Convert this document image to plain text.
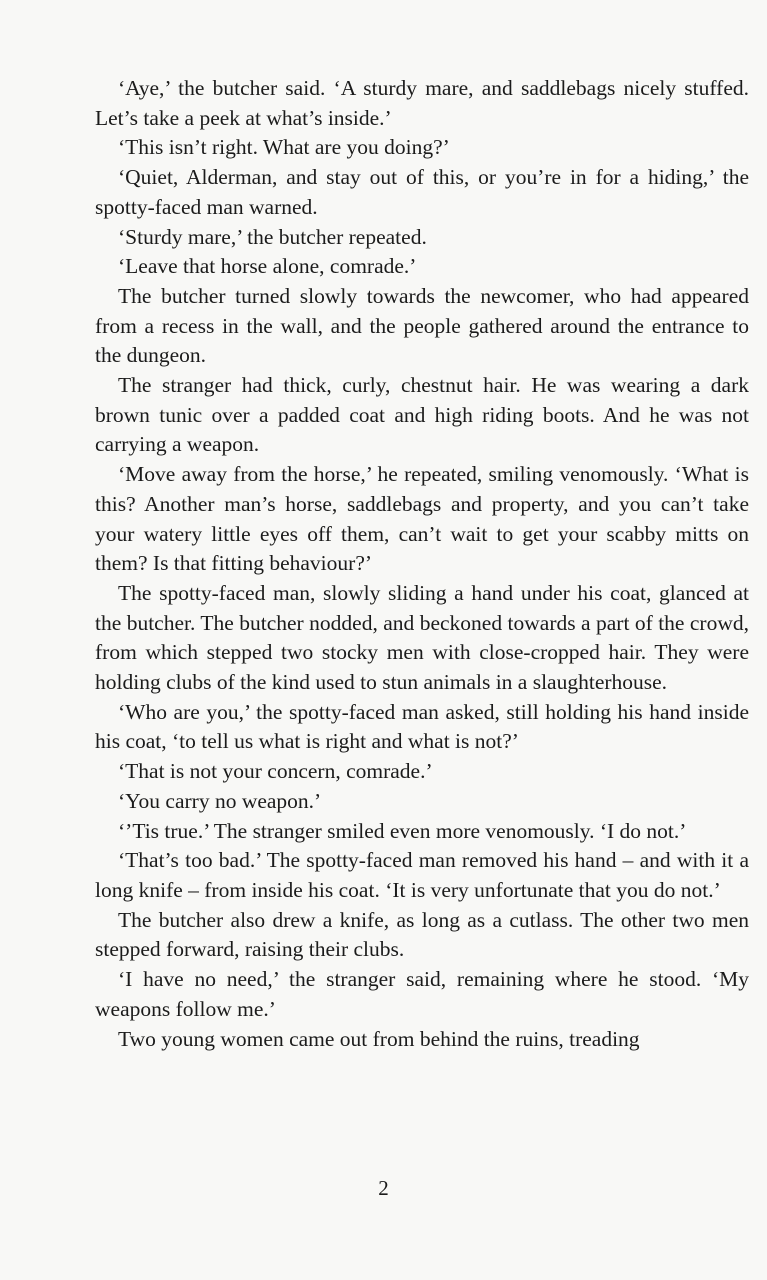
‘Aye,’ the butcher said. ‘A sturdy mare, and saddlebags nicely stuffed. Let’s take a peek at what’s inside.’

‘This isn’t right. What are you doing?’

‘Quiet, Alderman, and stay out of this, or you’re in for a hiding,’ the spotty-faced man warned.

‘Sturdy mare,’ the butcher repeated.

‘Leave that horse alone, comrade.’

The butcher turned slowly towards the newcomer, who had appeared from a recess in the wall, and the people gathered around the entrance to the dungeon.

The stranger had thick, curly, chestnut hair. He was wearing a dark brown tunic over a padded coat and high riding boots. And he was not carrying a weapon.

‘Move away from the horse,’ he repeated, smiling venomously. ‘What is this? Another man’s horse, saddlebags and property, and you can’t take your watery little eyes off them, can’t wait to get your scabby mitts on them? Is that fitting behaviour?’

The spotty-faced man, slowly sliding a hand under his coat, glanced at the butcher. The butcher nodded, and beckoned towards a part of the crowd, from which stepped two stocky men with close-cropped hair. They were holding clubs of the kind used to stun animals in a slaughterhouse.

‘Who are you,’ the spotty-faced man asked, still holding his hand inside his coat, ‘to tell us what is right and what is not?’

‘That is not your concern, comrade.’

‘You carry no weapon.’

‘’Tis true.’ The stranger smiled even more venomously. ‘I do not.’

‘That’s too bad.’ The spotty-faced man removed his hand – and with it a long knife – from inside his coat. ‘It is very unfortunate that you do not.’

The butcher also drew a knife, as long as a cutlass. The other two men stepped forward, raising their clubs.

‘I have no need,’ the stranger said, remaining where he stood. ‘My weapons follow me.’

Two young women came out from behind the ruins, treading

2
